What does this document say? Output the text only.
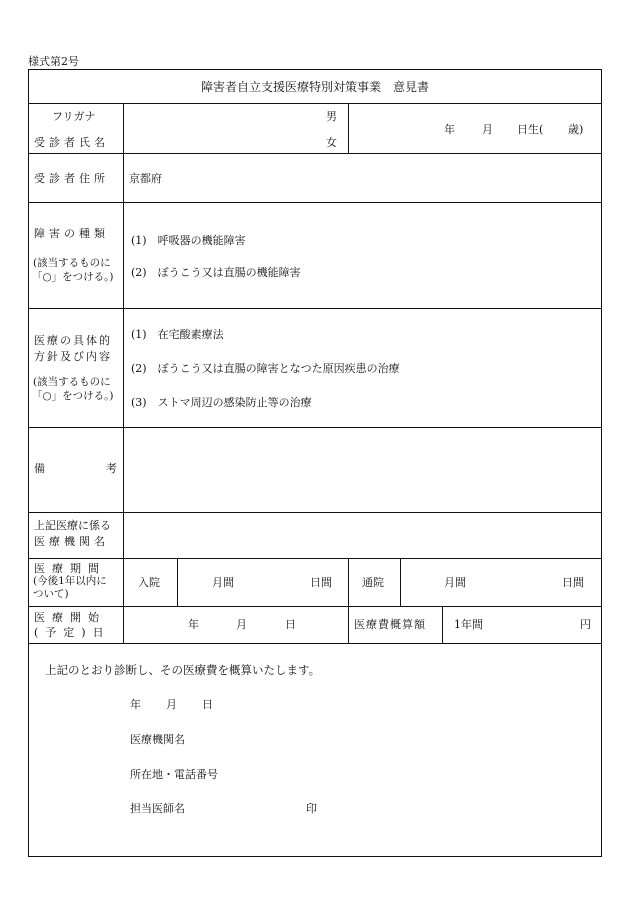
様式第2号
障害者自立支援医療特別対策事業　意見書
フリガナ
受診者氏名
男
女
年 月 日生( 歳)
受診者住所 京都府
障害の種類
(該当するものに
「○」をつける。)
(1)　呼吸器の機能障害
(2)　ぼうこう又は直腸の機能障害
医療の具体的
方針及び内容
(該当するものに
「○」をつける。)
(1)　在宅酸素療法
(2)　ぼうこう又は直腸の障害となつた原因疾患の治療
(3)　ストマ周辺の感染防止等の治療
備	考
上記医療に係る
医療機関名
医療期間
(今後1年以内に
ついて)
入院	月間	日間	通院	月間	日間
医療開始
(予定)日
年	月	日	医療費概算額	1年間	円
上記のとおり診断し、その医療費を概算いたします。
年 月 日
医療機関名
所在地・電話番号
担当医師名	印
